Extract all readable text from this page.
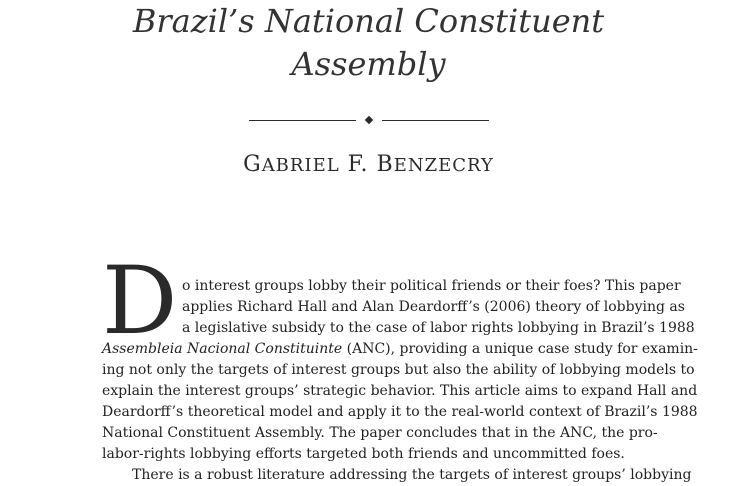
Brazil’s National Constituent
Assembly
GABRIEL F. BENZECRY
D o interest groups lobby their political friends or their foes? This paper
applies Richard Hall and Alan Deardorff’s (2006) theory of lobbying as
a legislative subsidy to the case of labor rights lobbying in Brazil’s 1988
Assembleia Nacional Constituinte (ANC), providing a unique case study for examin-
ing not only the targets of interest groups but also the ability of lobbying models to
explain the interest groups’ strategic behavior. This article aims to expand Hall and
Deardorff’s theoretical model and apply it to the real-world context of Brazil’s 1988
National Constituent Assembly. The paper concludes that in the ANC, the pro-
labor-rights lobbying efforts targeted both friends and uncommitted foes.
There is a robust literature addressing the targets of interest groups’ lobbying
